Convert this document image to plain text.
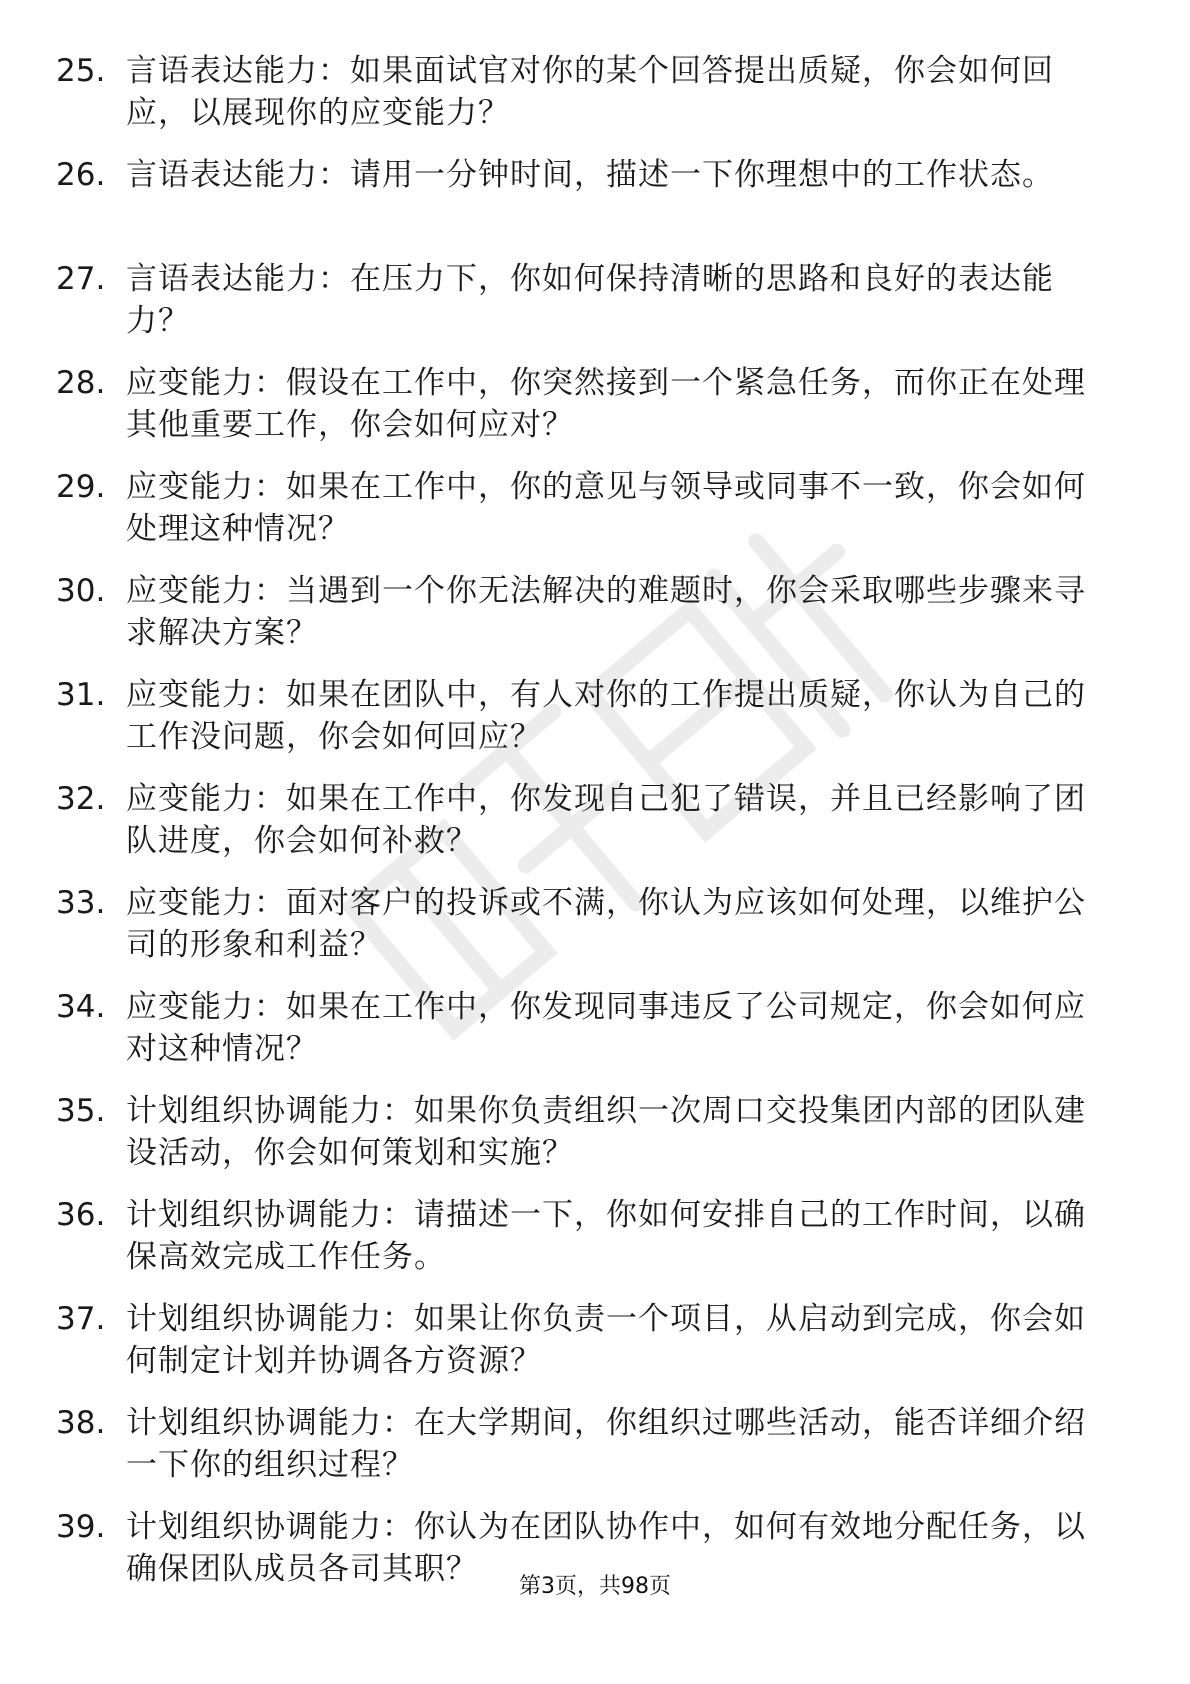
25. 言语表达能力：如果面试官对你的某个回答提出质疑，你会如何回应，以展现你的应变能力？
26. 言语表达能力：请用一分钟时间，描述一下你理想中的工作状态。
27. 言语表达能力：在压力下，你如何保持清晰的思路和良好的表达能力？
28. 应变能力：假设在工作中，你突然接到一个紧急任务，而你正在处理其他重要工作，你会如何应对？
29. 应变能力：如果在工作中，你的意见与领导或同事不一致，你会如何处理这种情况？
30. 应变能力：当遇到一个你无法解决的难题时，你会采取哪些步骤来寻求解决方案？
31. 应变能力：如果在团队中，有人对你的工作提出质疑，你认为自己的工作没问题，你会如何回应？
32. 应变能力：如果在工作中，你发现自己犯了错误，并且已经影响了团队进度，你会如何补救？
33. 应变能力：面对客户的投诉或不满，你认为应该如何处理，以维护公司的形象和利益？
34. 应变能力：如果在工作中，你发现同事违反了公司规定，你会如何应对这种情况？
35. 计划组织协调能力：如果你负责组织一次周口交投集团内部的团队建设活动，你会如何策划和实施？
36. 计划组织协调能力：请描述一下，你如何安排自己的工作时间，以确保高效完成工作任务。
37. 计划组织协调能力：如果让你负责一个项目，从启动到完成，你会如何制定计划并协调各方资源？
38. 计划组织协调能力：在大学期间，你组织过哪些活动，能否详细介绍一下你的组织过程？
39. 计划组织协调能力：你认为在团队协作中，如何有效地分配任务，以确保团队成员各司其职？	第3页，共98页
